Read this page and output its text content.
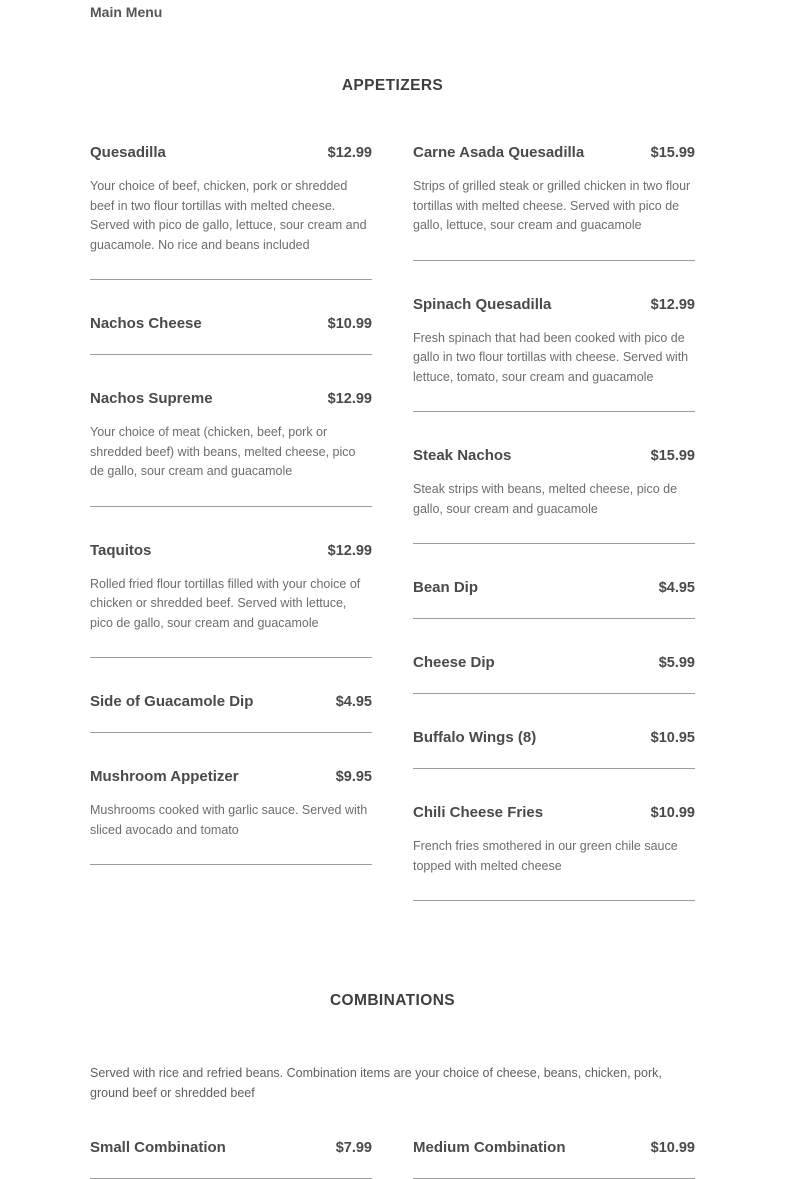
Main Menu
APPETIZERS
Quesadilla	$12.99

Your choice of beef, chicken, pork or shredded beef in two flour tortillas with melted cheese. Served with pico de gallo, lettuce, sour cream and guacamole. No rice and beans included

Nachos Cheese	$10.99
Nachos Supreme	$12.99

Your choice of meat (chicken, beef, pork or shredded beef) with beans, melted cheese, pico de gallo, sour cream and guacamole

Taquitos	$12.99

Rolled fried flour tortillas filled with your choice of chicken or shredded beef. Served with lettuce, pico de gallo, sour cream and guacamole

Side of Guacamole Dip	$4.95
Mushroom Appetizer	$9.95

Mushrooms cooked with garlic sauce. Served with sliced avocado and tomato

Carne Asada Quesadilla	$15.99

Strips of grilled steak or grilled chicken in two flour tortillas with melted cheese. Served with pico de gallo, lettuce, sour cream and guacamole

Spinach Quesadilla	$12.99

Fresh spinach that had been cooked with pico de gallo in two flour tortillas with cheese. Served with lettuce, tomato, sour cream and guacamole

Steak Nachos	$15.99

Steak strips with beans, melted cheese, pico de gallo, sour cream and guacamole

Bean Dip	$4.95
Cheese Dip	$5.99
Buffalo Wings (8)	$10.95
Chili Cheese Fries	$10.99

French fries smothered in our green chile sauce topped with melted cheese

COMBINATIONS

Served with rice and refried beans. Combination items are your choice of cheese, beans, chicken, pork, ground beef or shredded beef

Small Combination	$7.99	Medium Combination	$10.99
